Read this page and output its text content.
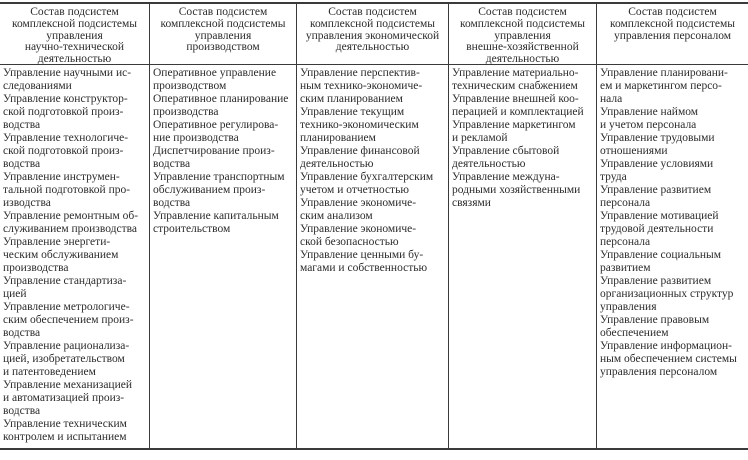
Состав подсистем
комплексной подсистемы
управления
научно-технической
деятельностью
Управление научными ис-
следованиями
Управление конструктор-
ской подготовкой произ-
водства
Управление технологиче-
ской подготовкой произ-
водства
Управление инструмен-
тальной подготовкой про-
изводства
Управление ремонтным об-
служиванием производства
Управление энергети-
ческим обслуживанием
производства
Управление стандартиза-
цией
Управление метрологиче-
ским обеспечением произ-
водства
Управление рационализа-
цией, изобретательством
и патентоведением
Управление механизацией
и автоматизацией произ-
водства
Управление техническим
контролем и испытанием
Состав подсистем
комплексной подсистемы
управления
производством
Оперативное управление
производством
Оперативное планирование
производства
Оперативное регулирова-
ние производства
Диспетчирование произ-
водства
Управление транспортным
обслуживанием произ-
водства
Управление капитальным
строительством
Состав подсистем
комплексной подсистемы
управления экономической
деятельностью
Управление перспектив-
ным технико-экономиче-
ским планированием
Управление текущим
технико-экономическим
планированием
Управление финансовой
деятельностью
Управление бухгалтерским
учетом и отчетностью
Управление экономиче-
ским анализом
Управление экономиче-
ской безопасностью
Управление ценными бу-
магами и собственностью
Состав подсистем
комплексной подсистемы
управления
внешне-хозяйственной
деятельностью
Управление материально-
техническим снабжением
Управление внешней коо-
перацией и комплектацией
Управление маркетингом
и рекламой
Управление сбытовой
деятельностью
Управление междуна-
родными хозяйственными
связями
Состав подсистем
комплексной подсистемы
управления персоналом
Управление планировани-
ем и маркетингом персо-
нала
Управление наймом
и учетом персонала
Управление трудовыми
отношениями
Управление условиями
труда
Управление развитием
персонала
Управление мотивацией
трудовой деятельности
персонала
Управление социальным
развитием
Управление развитием
организационных структур
управления
Управление правовым
обеспечением
Управление информацион-
ным обеспечением системы
управления персоналом
